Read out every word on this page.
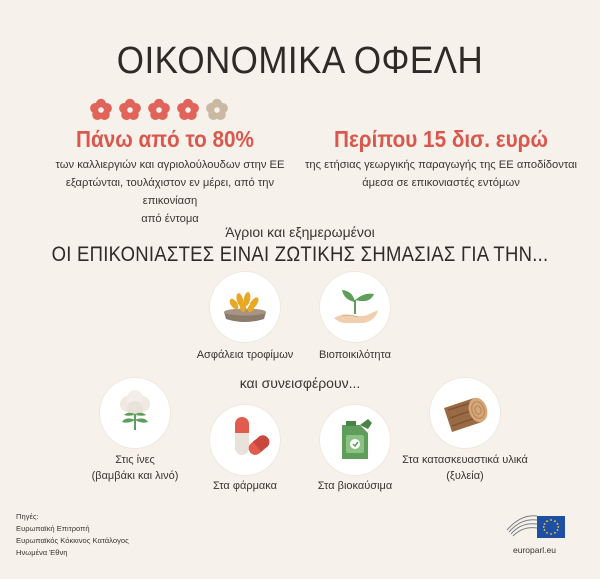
ΟΙΚΟΝΟΜΙΚΑ ΟΦΕΛΗ
Πάνω από το 80%
των καλλιεργιών και αγριολούλουδων στην ΕΕ
εξαρτώνται, τουλάχιστον εν μέρει, από την επικονίαση
από έντομα
Περίπου 15 δισ. ευρώ
της ετήσιας γεωργικής παραγωγής της ΕΕ αποδίδονται
άμεσα σε επικονιαστές εντόμων
Άγριοι και εξημερωμένοι
ΟΙ ΕΠΙΚΟΝΙΑΣΤΕΣ ΕΙΝΑΙ ΖΩΤΙΚΗΣ ΣΗΜΑΣΙΑΣ ΓΙΑ ΤΗΝ...
Ασφάλεια τροφίμων	Βιοποικιλότητα
και συνεισφέρουν...
Στις ίνες
(βαμβάκι και λινό)
Στα φάρμακα	Στα βιοκαύσιμα
Στα κατασκευαστικά υλικά
(ξυλεία)
Πηγές:
Ευρωπαϊκή Επιτροπή
Ευρωπαϊκός Κόκκινος Κατάλογος
Ηνωμένα Έθνη	europarl.eu
